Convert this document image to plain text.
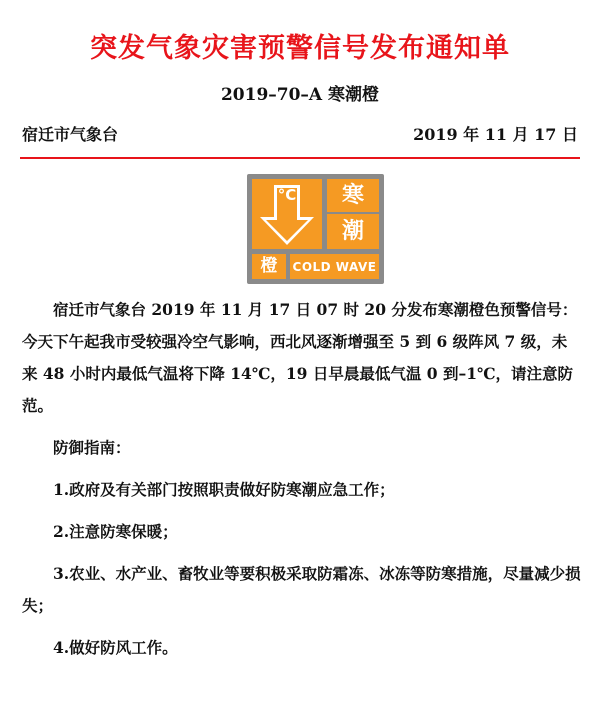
突发气象灾害预警信号发布通知单
2019–70–A 寒潮橙
宿迁市气象台	2019 年 11 月 17 日
°C	寒
潮
橙 COLD WAVE

宿迁市气象台 2019 年 11 月 17 日 07 时 20 分发布寒潮橙色预警信号：今天下午起我市受较强冷空气影响，西北风逐渐增强至 5 到 6 级阵风 7 级，未来 48 小时内最低气温将下降 14℃，19 日早晨最低气温 0 到–1℃，请注意防范。

防御指南：

1.政府及有关部门按照职责做好防寒潮应急工作；

2.注意防寒保暖；

3.农业、水产业、畜牧业等要积极采取防霜冻、冰冻等防寒措施，尽量减少损失；

4.做好防风工作。
